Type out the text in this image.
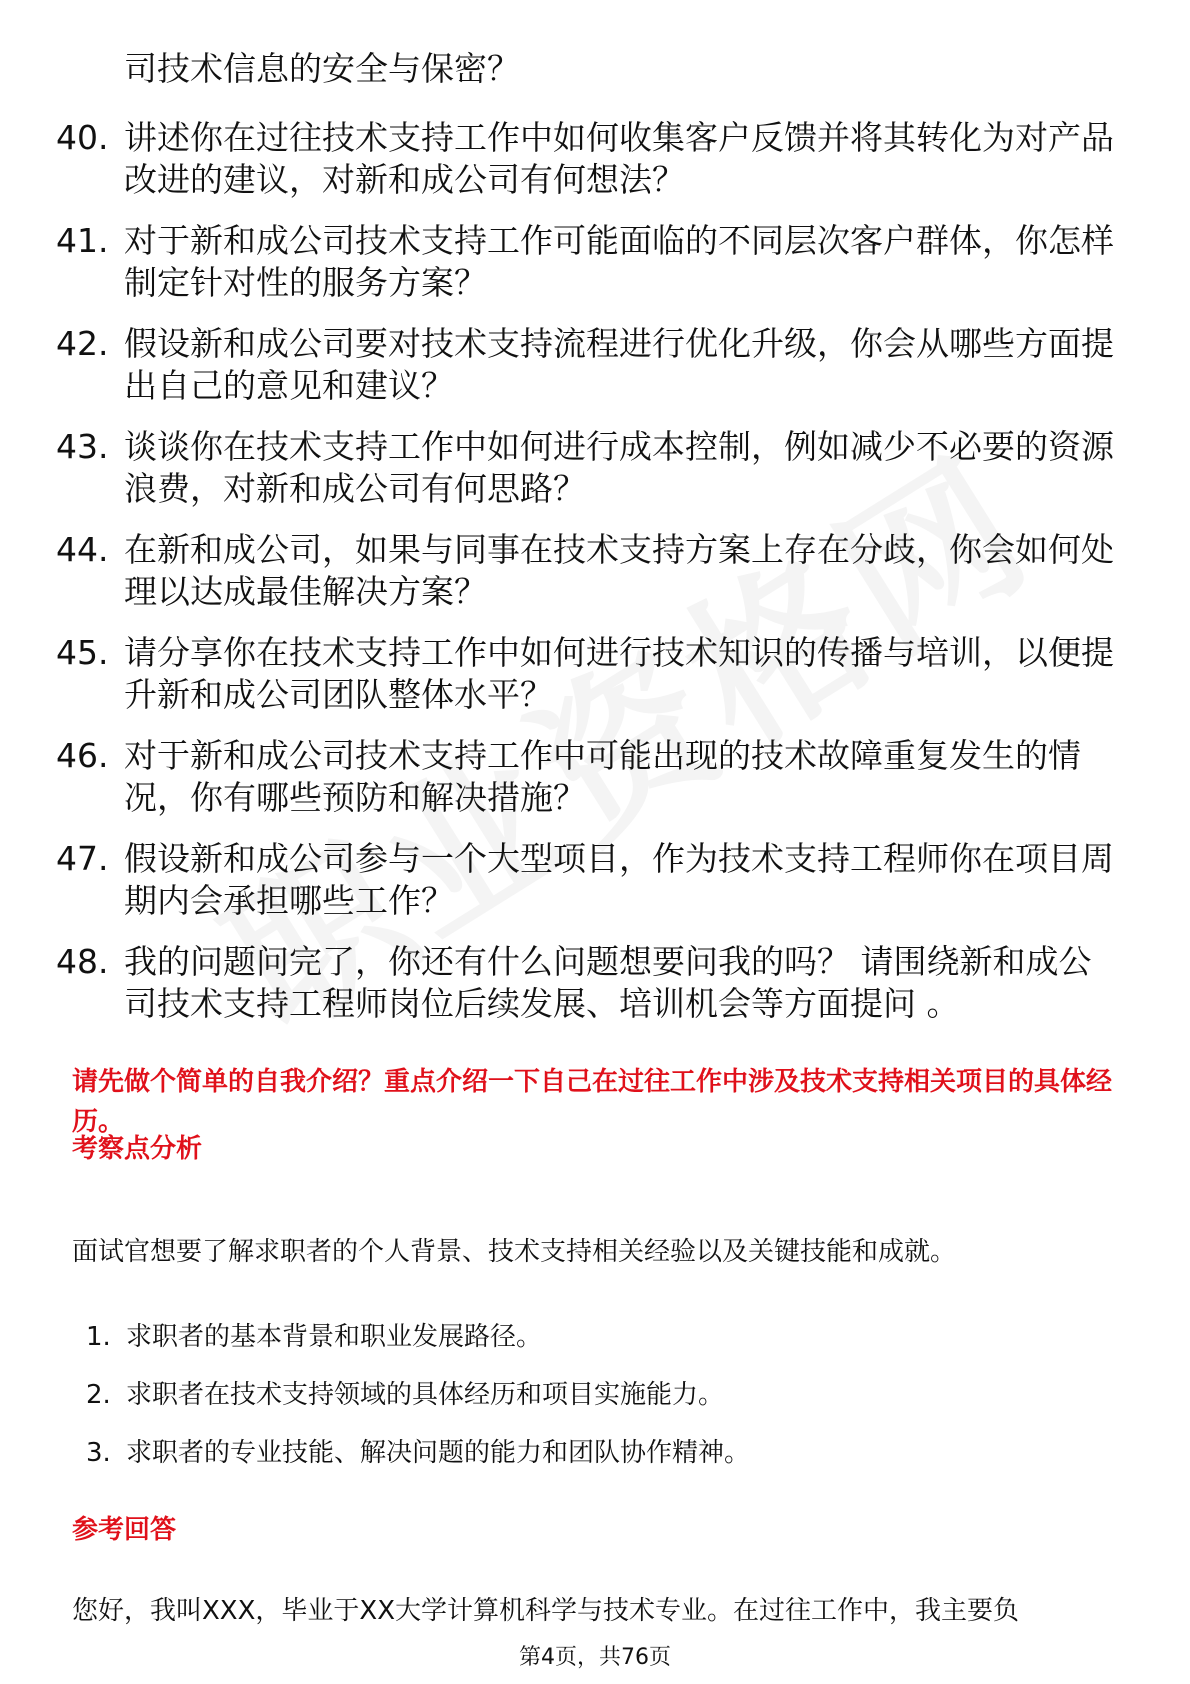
司技术信息的安全与保密？
40. 讲述你在过往技术支持工作中如何收集客户反馈并将其转化为对产品改进的建议，对新和成公司有何想法？
41. 对于新和成公司技术支持工作可能面临的不同层次客户群体，你怎样制定针对性的服务方案？
42. 假设新和成公司要对技术支持流程进行优化升级，你会从哪些方面提出自己的意见和建议？
43. 谈谈你在技术支持工作中如何进行成本控制，例如减少不必要的资源浪费，对新和成公司有何思路？
44. 在新和成公司，如果与同事在技术支持方案上存在分歧，你会如何处理以达成最佳解决方案？
45. 请分享你在技术支持工作中如何进行技术知识的传播与培训，以便提升新和成公司团队整体水平？
46. 对于新和成公司技术支持工作中可能出现的技术故障重复发生的情况，你有哪些预防和解决措施？
47. 假设新和成公司参与一个大型项目，作为技术支持工程师你在项目周期内会承担哪些工作？
48. 我的问题问完了，你还有什么问题想要问我的吗？ 请围绕新和成公司技术支持工程师岗位后续发展、培训机会等方面提问 。
请先做个简单的自我介绍？重点介绍一下自己在过往工作中涉及技术支持相关项目的具体经历。
考察点分析
面试官想要了解求职者的个人背景、技术支持相关经验以及关键技能和成就。
1. 求职者的基本背景和职业发展路径。
2. 求职者在技术支持领域的具体经历和项目实施能力。
3. 求职者的专业技能、解决问题的能力和团队协作精神。
参考回答
您好，我叫XXX，毕业于XX大学计算机科学与技术专业。在过往工作中，我主要负
第4页，共76页
